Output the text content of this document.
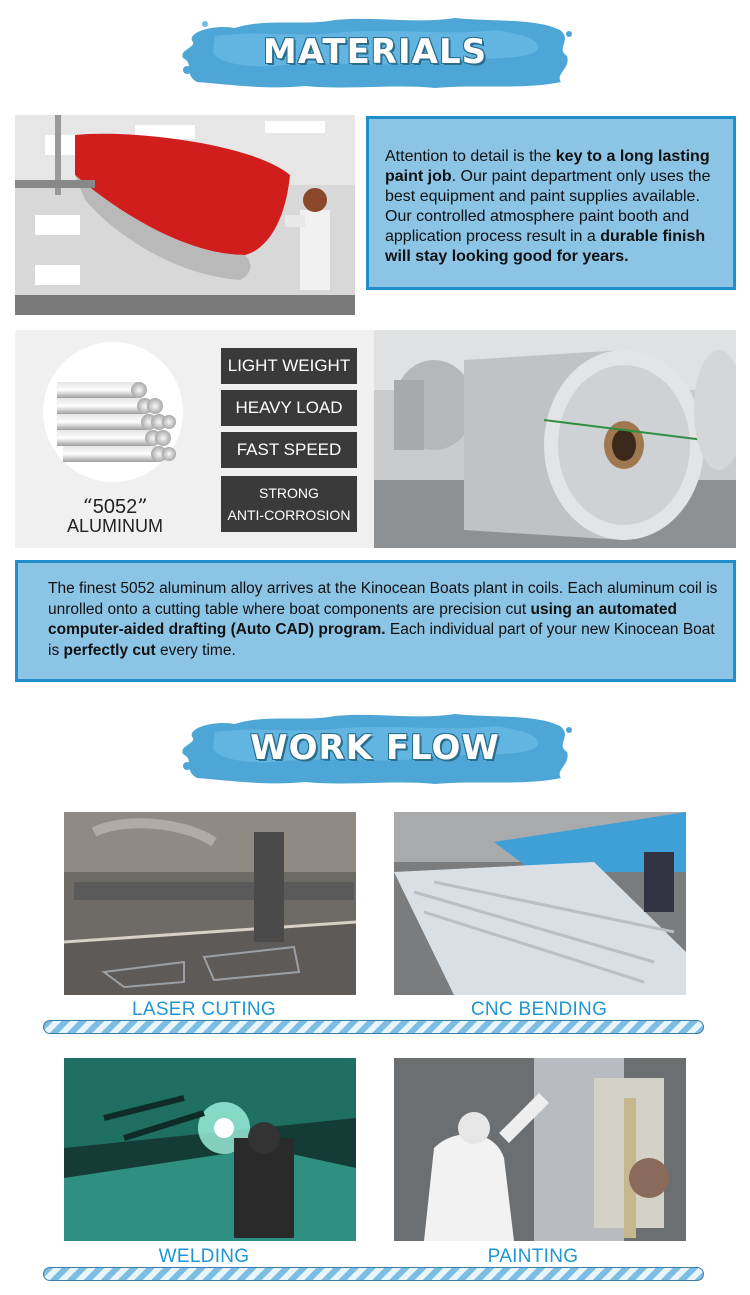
MATERIALS

Attention to detail is the key to a long lasting paint job. Our paint department only uses the best equipment and paint supplies available.

Our controlled atmosphere paint booth and application process result in a durable finish will stay looking good for years.

“5052”
ALUMINUM
LIGHT WEIGHT
HEAVY LOAD
FAST SPEED
STRONG
ANTI-CORROSION

The finest 5052 aluminum alloy arrives at the Kinocean Boats plant in coils. Each aluminum coil is unrolled onto a cutting table where boat components are precision cut using an automated computer-aided drafting (Auto CAD) program. Each individual part of your new Kinocean Boat is perfectly cut every time.

WORK FLOW
LASER CUTING	CNC BENDING
WELDING	PAINTING
